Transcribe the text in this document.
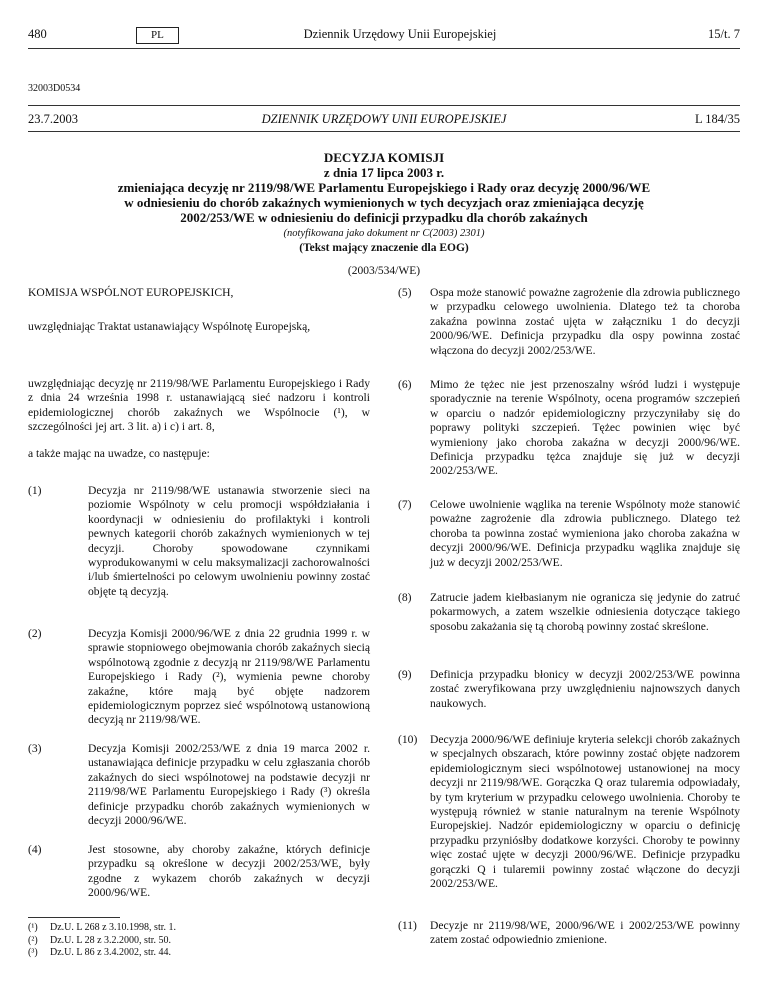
480	PL	Dziennik Urzędowy Unii Europejskiej	15/t. 7
32003D0534
23.7.2003	DZIENNIK URZĘDOWY UNII EUROPEJSKIEJ	L 184/35
DECYZJA KOMISJI
z dnia 17 lipca 2003 r.
zmieniająca decyzję nr 2119/98/WE Parlamentu Europejskiego i Rady oraz decyzję 2000/96/WE
w odniesieniu do chorób zakaźnych wymienionych w tych decyzjach oraz zmieniająca decyzję
2002/253/WE w odniesieniu do definicji przypadku dla chorób zakaźnych
(notyfikowana jako dokument nr C(2003) 2301)
(Tekst mający znaczenie dla EOG)
(2003/534/WE)
KOMISJA WSPÓLNOT EUROPEJSKICH,
uwzględniając Traktat ustanawiający Wspólnotę Europejską,
uwzględniając decyzję nr 2119/98/WE Parlamentu Europejskiego i Rady z dnia 24 września 1998 r. ustanawiającą sieć nadzoru i kontroli epidemiologicznej chorób zakaźnych we Wspólnocie (¹), w szczególności jej art. 3 lit. a) i c) i art. 8,
a także mając na uwadze, co następuje:
(1)	Decyzja nr 2119/98/WE ustanawia stworzenie sieci na poziomie Wspólnoty w celu promocji współdziałania i koordynacji w odniesieniu do profilaktyki i kontroli pewnych kategorii chorób zakaźnych wymienionych w tej decyzji. Choroby spowodowane czynnikami wyprodukowanymi w celu maksymalizacji zachorowalności i/lub śmiertelności po celowym uwolnieniu powinny zostać objęte tą decyzją.
(2)	Decyzja Komisji 2000/96/WE z dnia 22 grudnia 1999 r. w sprawie stopniowego obejmowania chorób zakaźnych siecią wspólnotową zgodnie z decyzją nr 2119/98/WE Parlamentu Europejskiego i Rady (²), wymienia pewne choroby zakaźne, które mają być objęte nadzorem epidemiologicznym poprzez sieć wspólnotową ustanowioną decyzją nr 2119/98/WE.
(3)	Decyzja Komisji 2002/253/WE z dnia 19 marca 2002 r. ustanawiająca definicje przypadku w celu zgłaszania chorób zakaźnych do sieci wspólnotowej na podstawie decyzji nr 2119/98/WE Parlamentu Europejskiego i Rady (³) określa definicje przypadku chorób zakaźnych wymienionych w decyzji 2000/96/WE.
(4)	Jest stosowne, aby choroby zakaźne, których definicje przypadku są określone w decyzji 2002/253/WE, były zgodne z wykazem chorób zakaźnych w decyzji 2000/96/WE.
(¹) Dz.U. L 268 z 3.10.1998, str. 1.
(²) Dz.U. L 28 z 3.2.2000, str. 50.
(³) Dz.U. L 86 z 3.4.2002, str. 44.
(5) Ospa może stanowić poważne zagrożenie dla zdrowia publicznego w przypadku celowego uwolnienia. Dlatego też ta choroba zakaźna powinna zostać ujęta w załączniku 1 do decyzji 2000/96/WE. Definicja przypadku dla ospy powinna zostać włączona do decyzji 2002/253/WE.
(6) Mimo że tężec nie jest przenoszalny wśród ludzi i występuje sporadycznie na terenie Wspólnoty, ocena programów szczepień w oparciu o nadzór epidemiologiczny przyczyniłaby się do poprawy polityki szczepień. Tężec powinien więc być wymieniony jako choroba zakaźna w decyzji 2000/96/WE. Definicja przypadku tężca znajduje się już w decyzji 2002/253/WE.
(7) Celowe uwolnienie wąglika na terenie Wspólnoty może stanowić poważne zagrożenie dla zdrowia publicznego. Dlatego też choroba ta powinna zostać wymieniona jako choroba zakaźna w decyzji 2000/96/WE. Definicja przypadku wąglika znajduje się już w decyzji 2002/253/WE.
(8) Zatrucie jadem kiełbasianym nie ogranicza się jedynie do zatruć pokarmowych, a zatem wszelkie odniesienia dotyczące takiego sposobu zakażania się tą chorobą powinny zostać skreślone.
(9) Definicja przypadku błonicy w decyzji 2002/253/WE powinna zostać zweryfikowana przy uwzględnieniu najnowszych danych naukowych.
(10) Decyzja 2000/96/WE definiuje kryteria selekcji chorób zakaźnych w specjalnych obszarach, które powinny zostać objęte nadzorem epidemiologicznym sieci wspólnotowej ustanowionej na mocy decyzji nr 2119/98/WE. Gorączka Q oraz tularemia odpowiadały, by tym kryterium w przypadku celowego uwolnienia. Choroby te występują również w stanie naturalnym na terenie Wspólnoty Europejskiej. Nadzór epidemiologiczny w oparciu o definicję przypadku przyniósłby dodatkowe korzyści. Choroby te powinny więc zostać ujęte w decyzji 2000/96/WE. Definicje przypadku gorączki Q i tularemii powinny zostać włączone do decyzji 2002/253/WE.
(11) Decyzje nr 2119/98/WE, 2000/96/WE i 2002/253/WE powinny zatem zostać odpowiednio zmienione.
